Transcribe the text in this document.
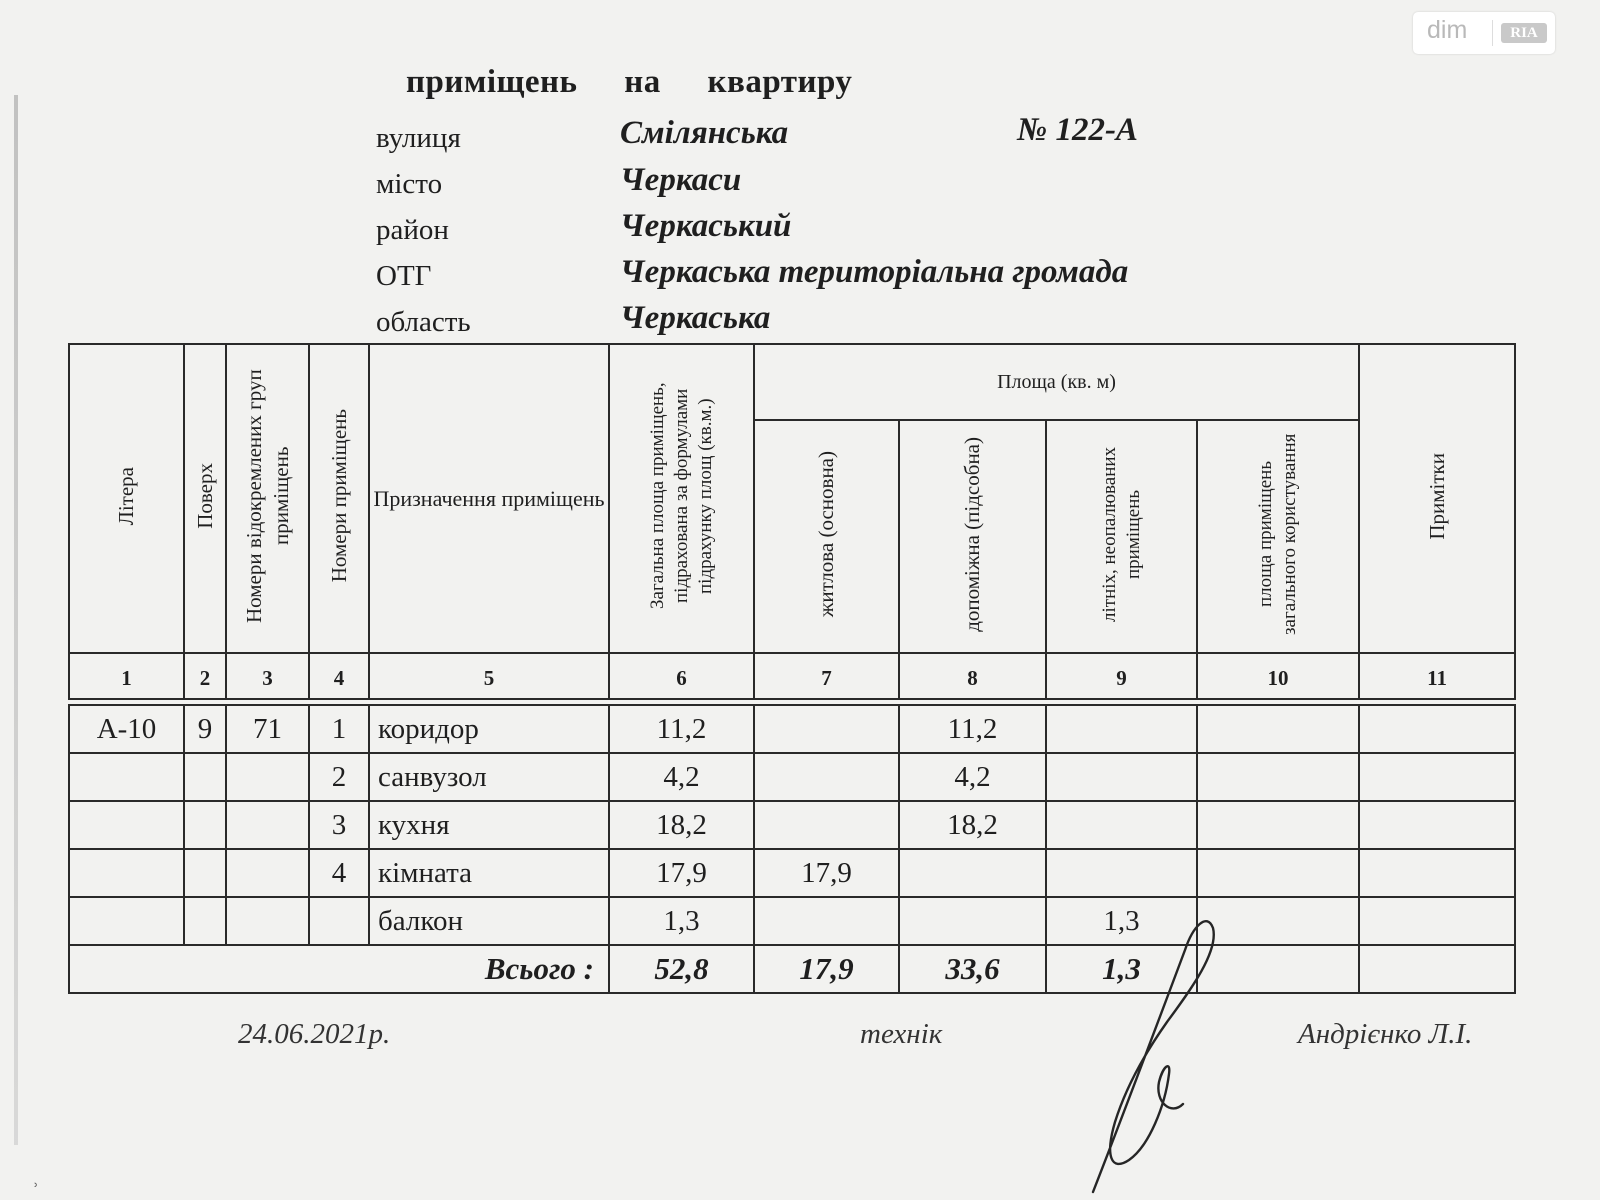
˒
dim	RIA
приміщень на квартиру
вулиця	Смілянська	№ 122-А
місто	Черкаси
район	Черкаський
ОТГ	Черкаська територіальна громада
область	Черкаська
Літера	Поверх	Номери відокремлених груп приміщень	Номери приміщень	Призначення приміщень	Загальна площа приміщень, підрахована за формулами підрахунку площ (кв.м.)	Площа (кв. м)				Примітки
						житлова (основна)	допоміжна (підсобна)	літніх, неопалюваних приміщень	площа приміщень загального користування	
1	2	3	4	5	6	7	8	9	10	11

А-10	9	71	1	коридор	11,2		11,2			
			2	санвузол	4,2		4,2			
			3	кухня	18,2		18,2			
			4	кімната	17,9	17,9				
				балкон	1,3			1,3		
Всього :					52,8	17,9	33,6	1,3		
24.06.2021р.	технік	Андрієнко Л.І.
